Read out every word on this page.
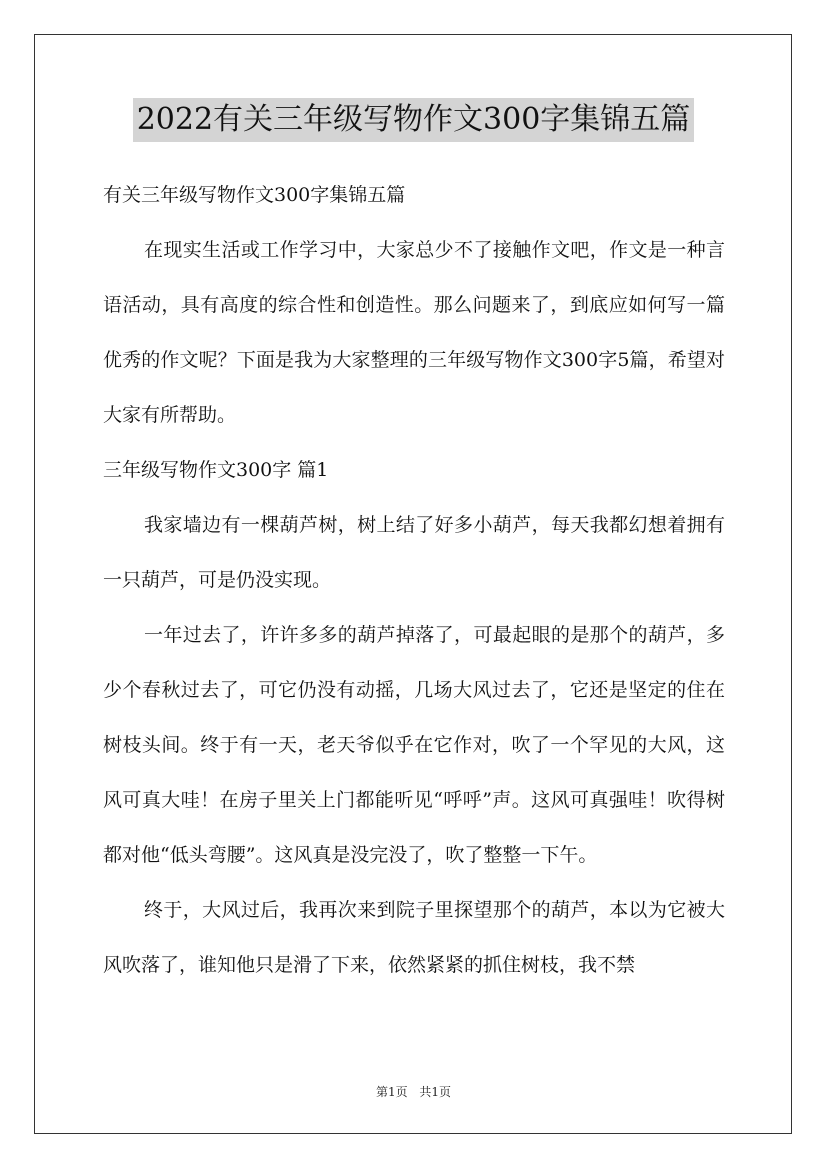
2022有关三年级写物作文300字集锦五篇

有关三年级写物作文300字集锦五篇

在现实生活或工作学习中，大家总少不了接触作文吧，作文是一种言语活动，具有高度的综合性和创造性。那么问题来了，到底应如何写一篇优秀的作文呢？下面是我为大家整理的三年级写物作文300字5篇，希望对大家有所帮助。

三年级写物作文300字 篇1

我家墙边有一棵葫芦树，树上结了好多小葫芦，每天我都幻想着拥有一只葫芦，可是仍没实现。

一年过去了，许许多多的葫芦掉落了，可最起眼的是那个的葫芦，多少个春秋过去了，可它仍没有动摇，几场大风过去了，它还是坚定的住在树枝头间。终于有一天，老天爷似乎在它作对，吹了一个罕见的大风，这风可真大哇！在房子里关上门都能听见“呼呼”声。这风可真强哇！吹得树都对他“低头弯腰”。这风真是没完没了，吹了整整一下午。

终于，大风过后，我再次来到院子里探望那个的葫芦，本以为它被大风吹落了，谁知他只是滑了下来，依然紧紧的抓住树枝，我不禁

第1页 共1页
